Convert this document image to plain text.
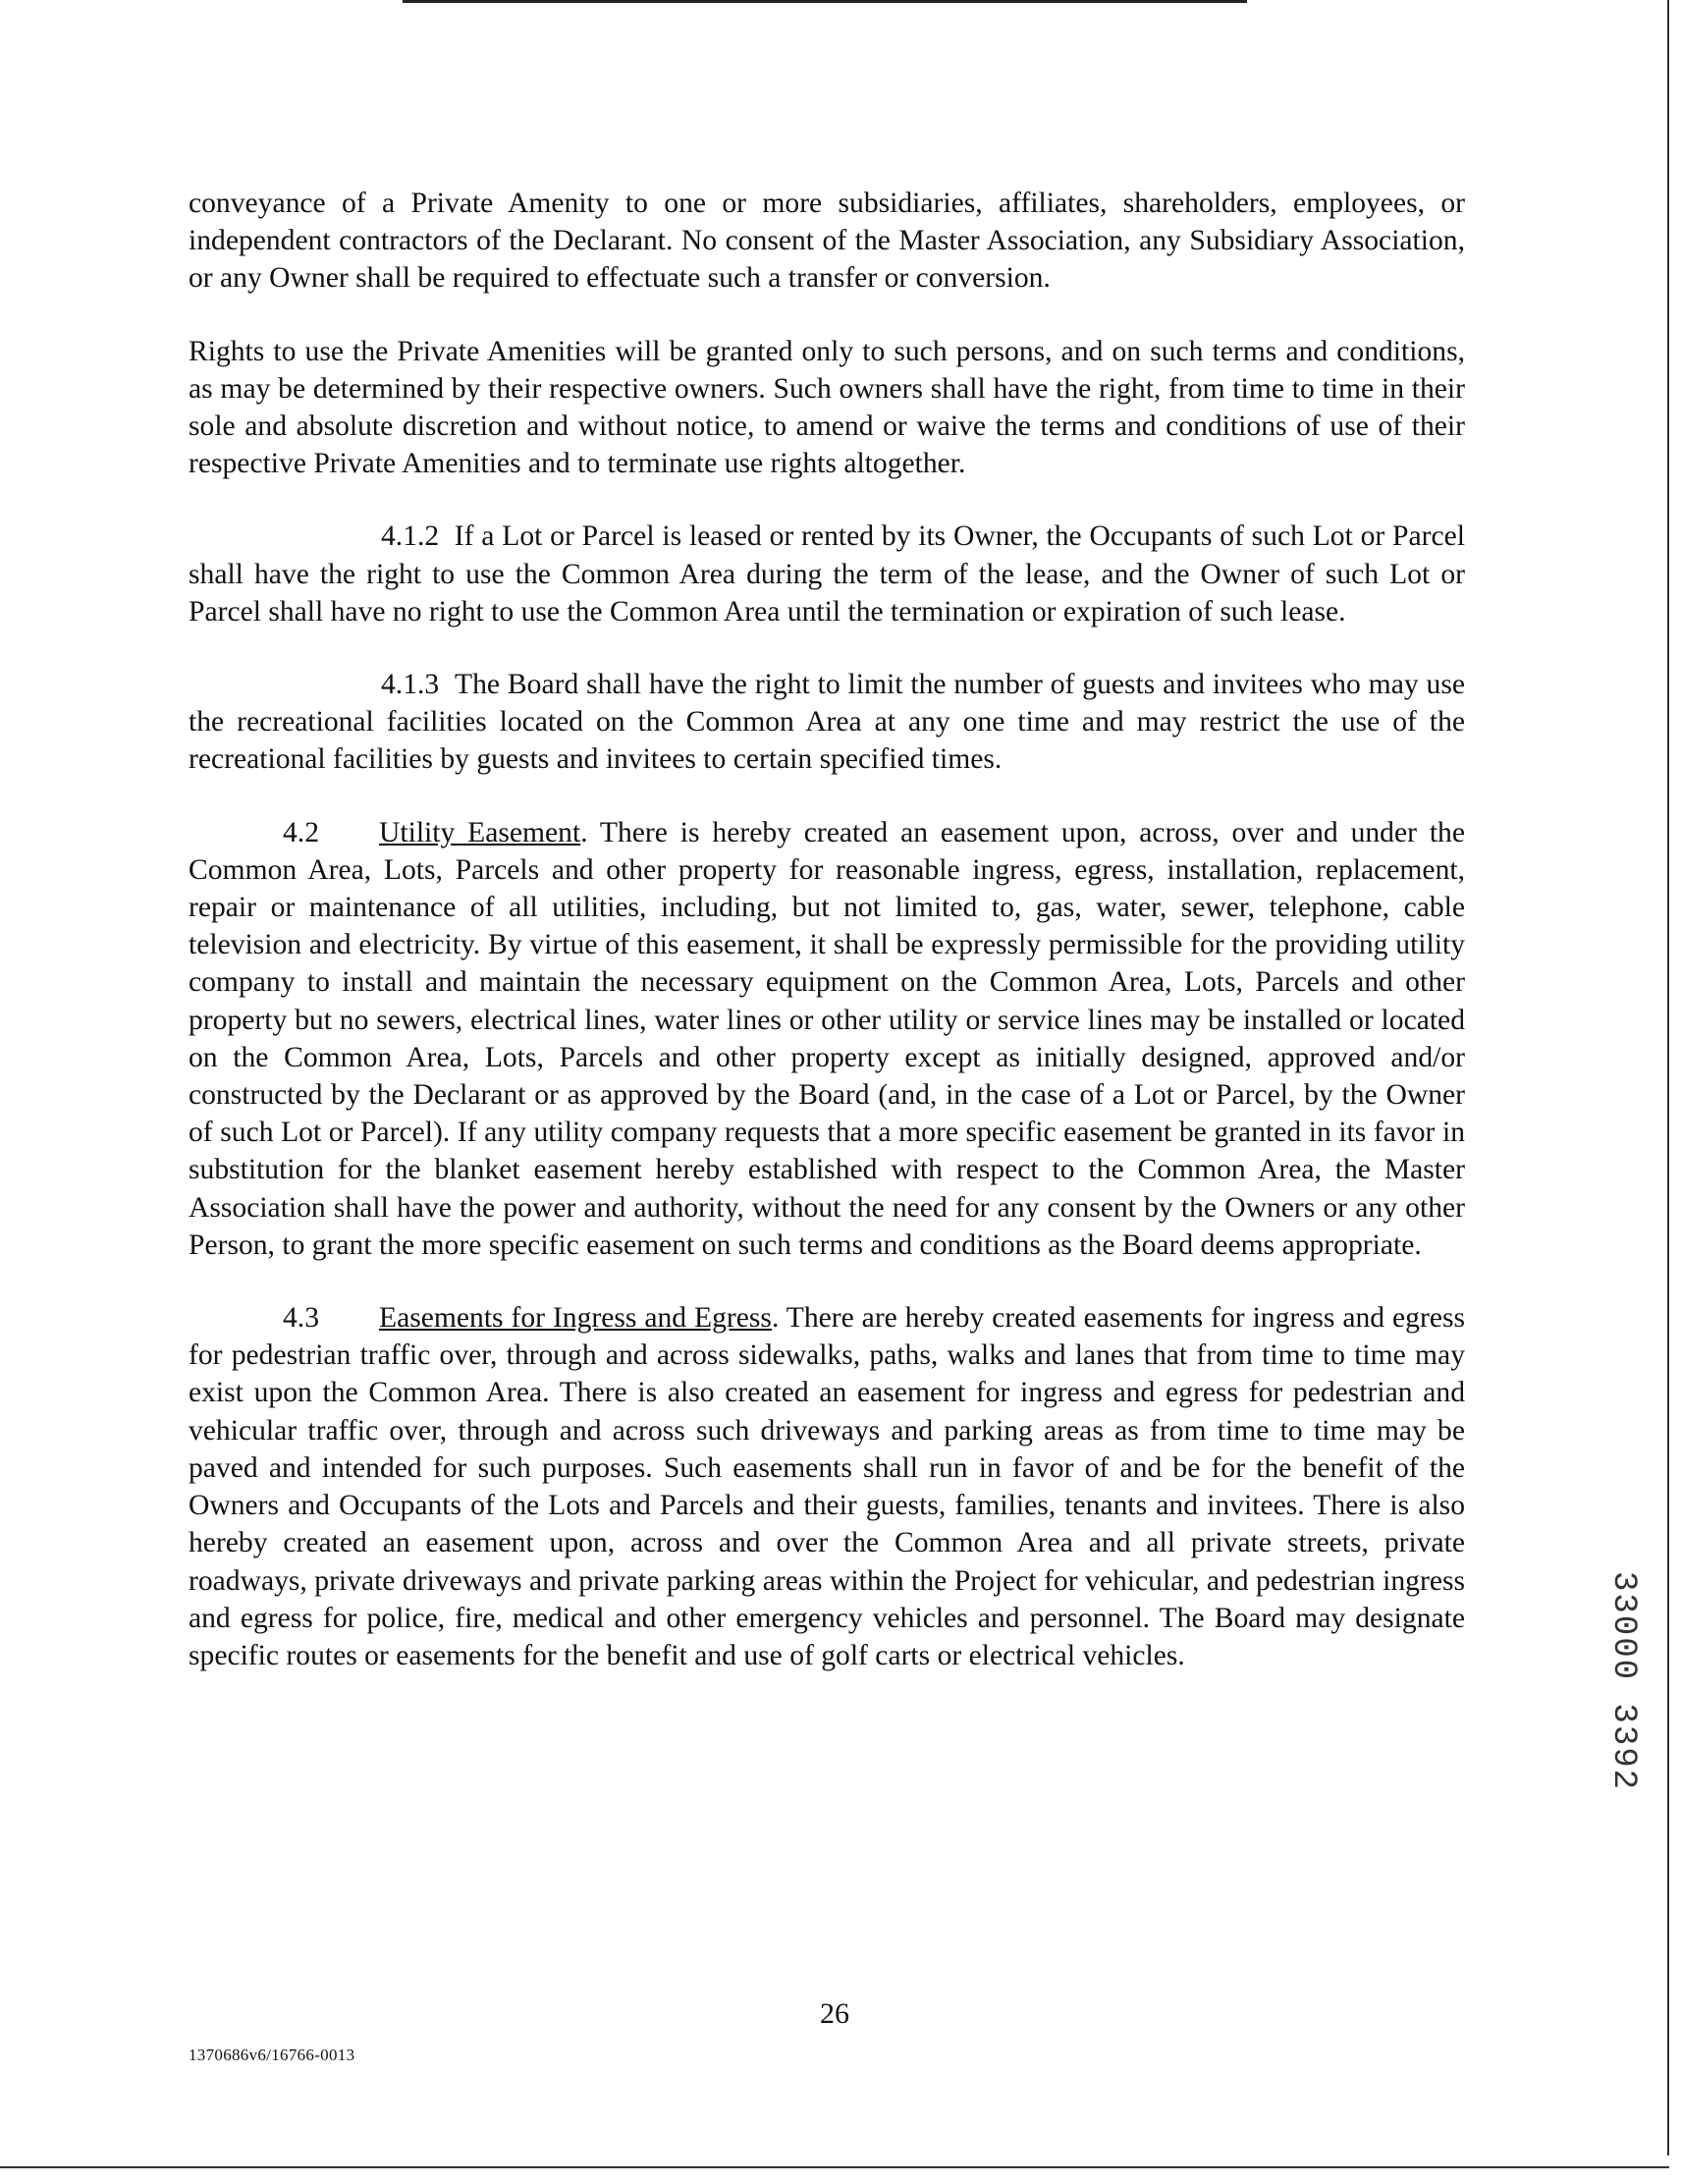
conveyance of a Private Amenity to one or more subsidiaries, affiliates, shareholders, employees, or independent contractors of the Declarant. No consent of the Master Association, any Subsidiary Association, or any Owner shall be required to effectuate such a transfer or conversion.

Rights to use the Private Amenities will be granted only to such persons, and on such terms and conditions, as may be determined by their respective owners. Such owners shall have the right, from time to time in their sole and absolute discretion and without notice, to amend or waive the terms and conditions of use of their respective Private Amenities and to terminate use rights altogether.

4.1.2 If a Lot or Parcel is leased or rented by its Owner, the Occupants of such Lot or Parcel shall have the right to use the Common Area during the term of the lease, and the Owner of such Lot or Parcel shall have no right to use the Common Area until the termination or expiration of such lease.

4.1.3 The Board shall have the right to limit the number of guests and invitees who may use the recreational facilities located on the Common Area at any one time and may restrict the use of the recreational facilities by guests and invitees to certain specified times.

4.2 Utility Easement. There is hereby created an easement upon, across, over and under the Common Area, Lots, Parcels and other property for reasonable ingress, egress, installation, replacement, repair or maintenance of all utilities, including, but not limited to, gas, water, sewer, telephone, cable television and electricity. By virtue of this easement, it shall be expressly permissible for the providing utility company to install and maintain the necessary equipment on the Common Area, Lots, Parcels and other property but no sewers, electrical lines, water lines or other utility or service lines may be installed or located on the Common Area, Lots, Parcels and other property except as initially designed, approved and/or constructed by the Declarant or as approved by the Board (and, in the case of a Lot or Parcel, by the Owner of such Lot or Parcel). If any utility company requests that a more specific easement be granted in its favor in substitution for the blanket easement hereby established with respect to the Common Area, the Master Association shall have the power and authority, without the need for any consent by the Owners or any other Person, to grant the more specific easement on such terms and conditions as the Board deems appropriate.

4.3 Easements for Ingress and Egress. There are hereby created easements for ingress and egress for pedestrian traffic over, through and across sidewalks, paths, walks and lanes that from time to time may exist upon the Common Area. There is also created an easement for ingress and egress for pedestrian and vehicular traffic over, through and across such driveways and parking areas as from time to time may be paved and intended for such purposes. Such easements shall run in favor of and be for the benefit of the Owners and Occupants of the Lots and Parcels and their guests, families, tenants and invitees. There is also hereby created an easement upon, across and over the Common Area and all private streets, private roadways, private driveways and private parking areas within the Project for vehicular, and pedestrian ingress and egress for police, fire, medical and other emergency vehicles and personnel. The Board may designate specific routes or easements for the benefit and use of golf carts or electrical vehicles.	33000 3392
26
1370686v6/16766-0013
